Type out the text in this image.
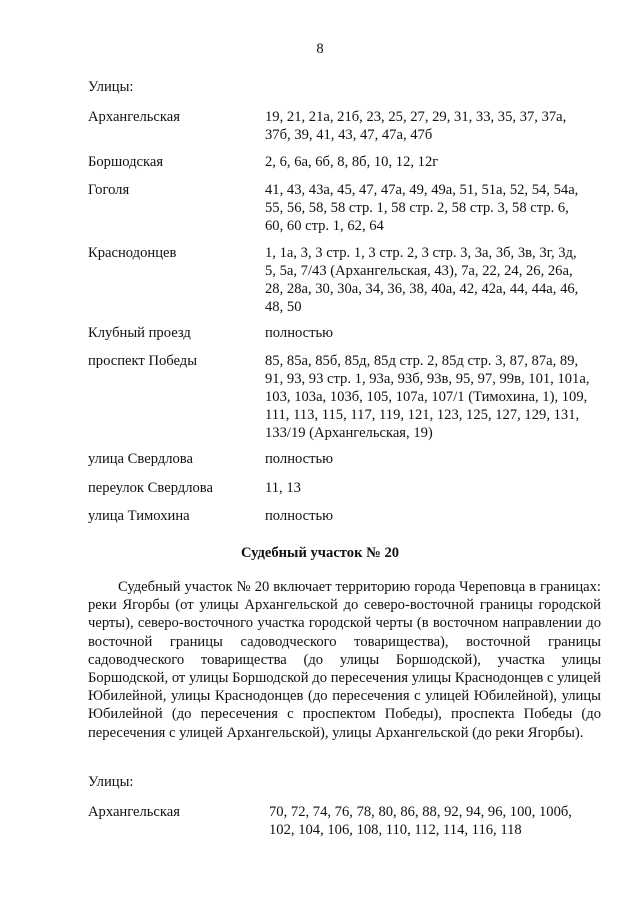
8
Улицы:
Архангельская	19, 21, 21а, 21б, 23, 25, 27, 29, 31, 33, 35, 37, 37а,
37б, 39, 41, 43, 47, 47а, 47б
Боршодская	2, 6, 6а, 6б, 8, 8б, 10, 12, 12г
Гоголя	41, 43, 43а, 45, 47, 47а, 49, 49а, 51, 51а, 52, 54, 54а,
55, 56, 58, 58 стр. 1, 58 стр. 2, 58 стр. 3, 58 стр. 6,
60, 60 стр. 1, 62, 64
Краснодонцев	1, 1а, 3, 3 стр. 1, 3 стр. 2, 3 стр. 3, 3а, 3б, 3в, 3г, 3д,
5, 5а, 7/43 (Архангельская, 43), 7а, 22, 24, 26, 26а,
28, 28а, 30, 30а, 34, 36, 38, 40а, 42, 42а, 44, 44а, 46,
48, 50
Клубный проезд	полностью
проспект Победы	85, 85а, 85б, 85д, 85д стр. 2, 85д стр. 3, 87, 87а, 89,
91, 93, 93 стр. 1, 93а, 93б, 93в, 95, 97, 99в, 101, 101а,
103, 103а, 103б, 105, 107а, 107/1 (Тимохина, 1), 109,
111, 113, 115, 117, 119, 121, 123, 125, 127, 129, 131,
133/19 (Архангельская, 19)
улица Свердлова	полностью
переулок Свердлова	11, 13
улица Тимохина	полностью
Судебный участок № 20
Судебный участок № 20 включает территорию города Череповца в границах: реки Ягорбы (от улицы Архангельской до северо-восточной границы городской черты), северо-восточного участка городской черты (в восточном направлении до восточной границы садоводческого товарищества), восточной границы садоводческого товарищества (до улицы Боршодской), участка улицы Боршодской, от улицы Боршодской до пересечения улицы Краснодонцев с улицей Юбилейной, улицы Краснодонцев (до пересечения с улицей Юбилейной), улицы Юбилейной (до пересечения с проспектом Победы), проспекта Победы (до пересечения с улицей Архангельской), улицы Архангельской (до реки Ягорбы).
Улицы:
Архангельская	70, 72, 74, 76, 78, 80, 86, 88, 92, 94, 96, 100, 100б,
102, 104, 106, 108, 110, 112, 114, 116, 118
